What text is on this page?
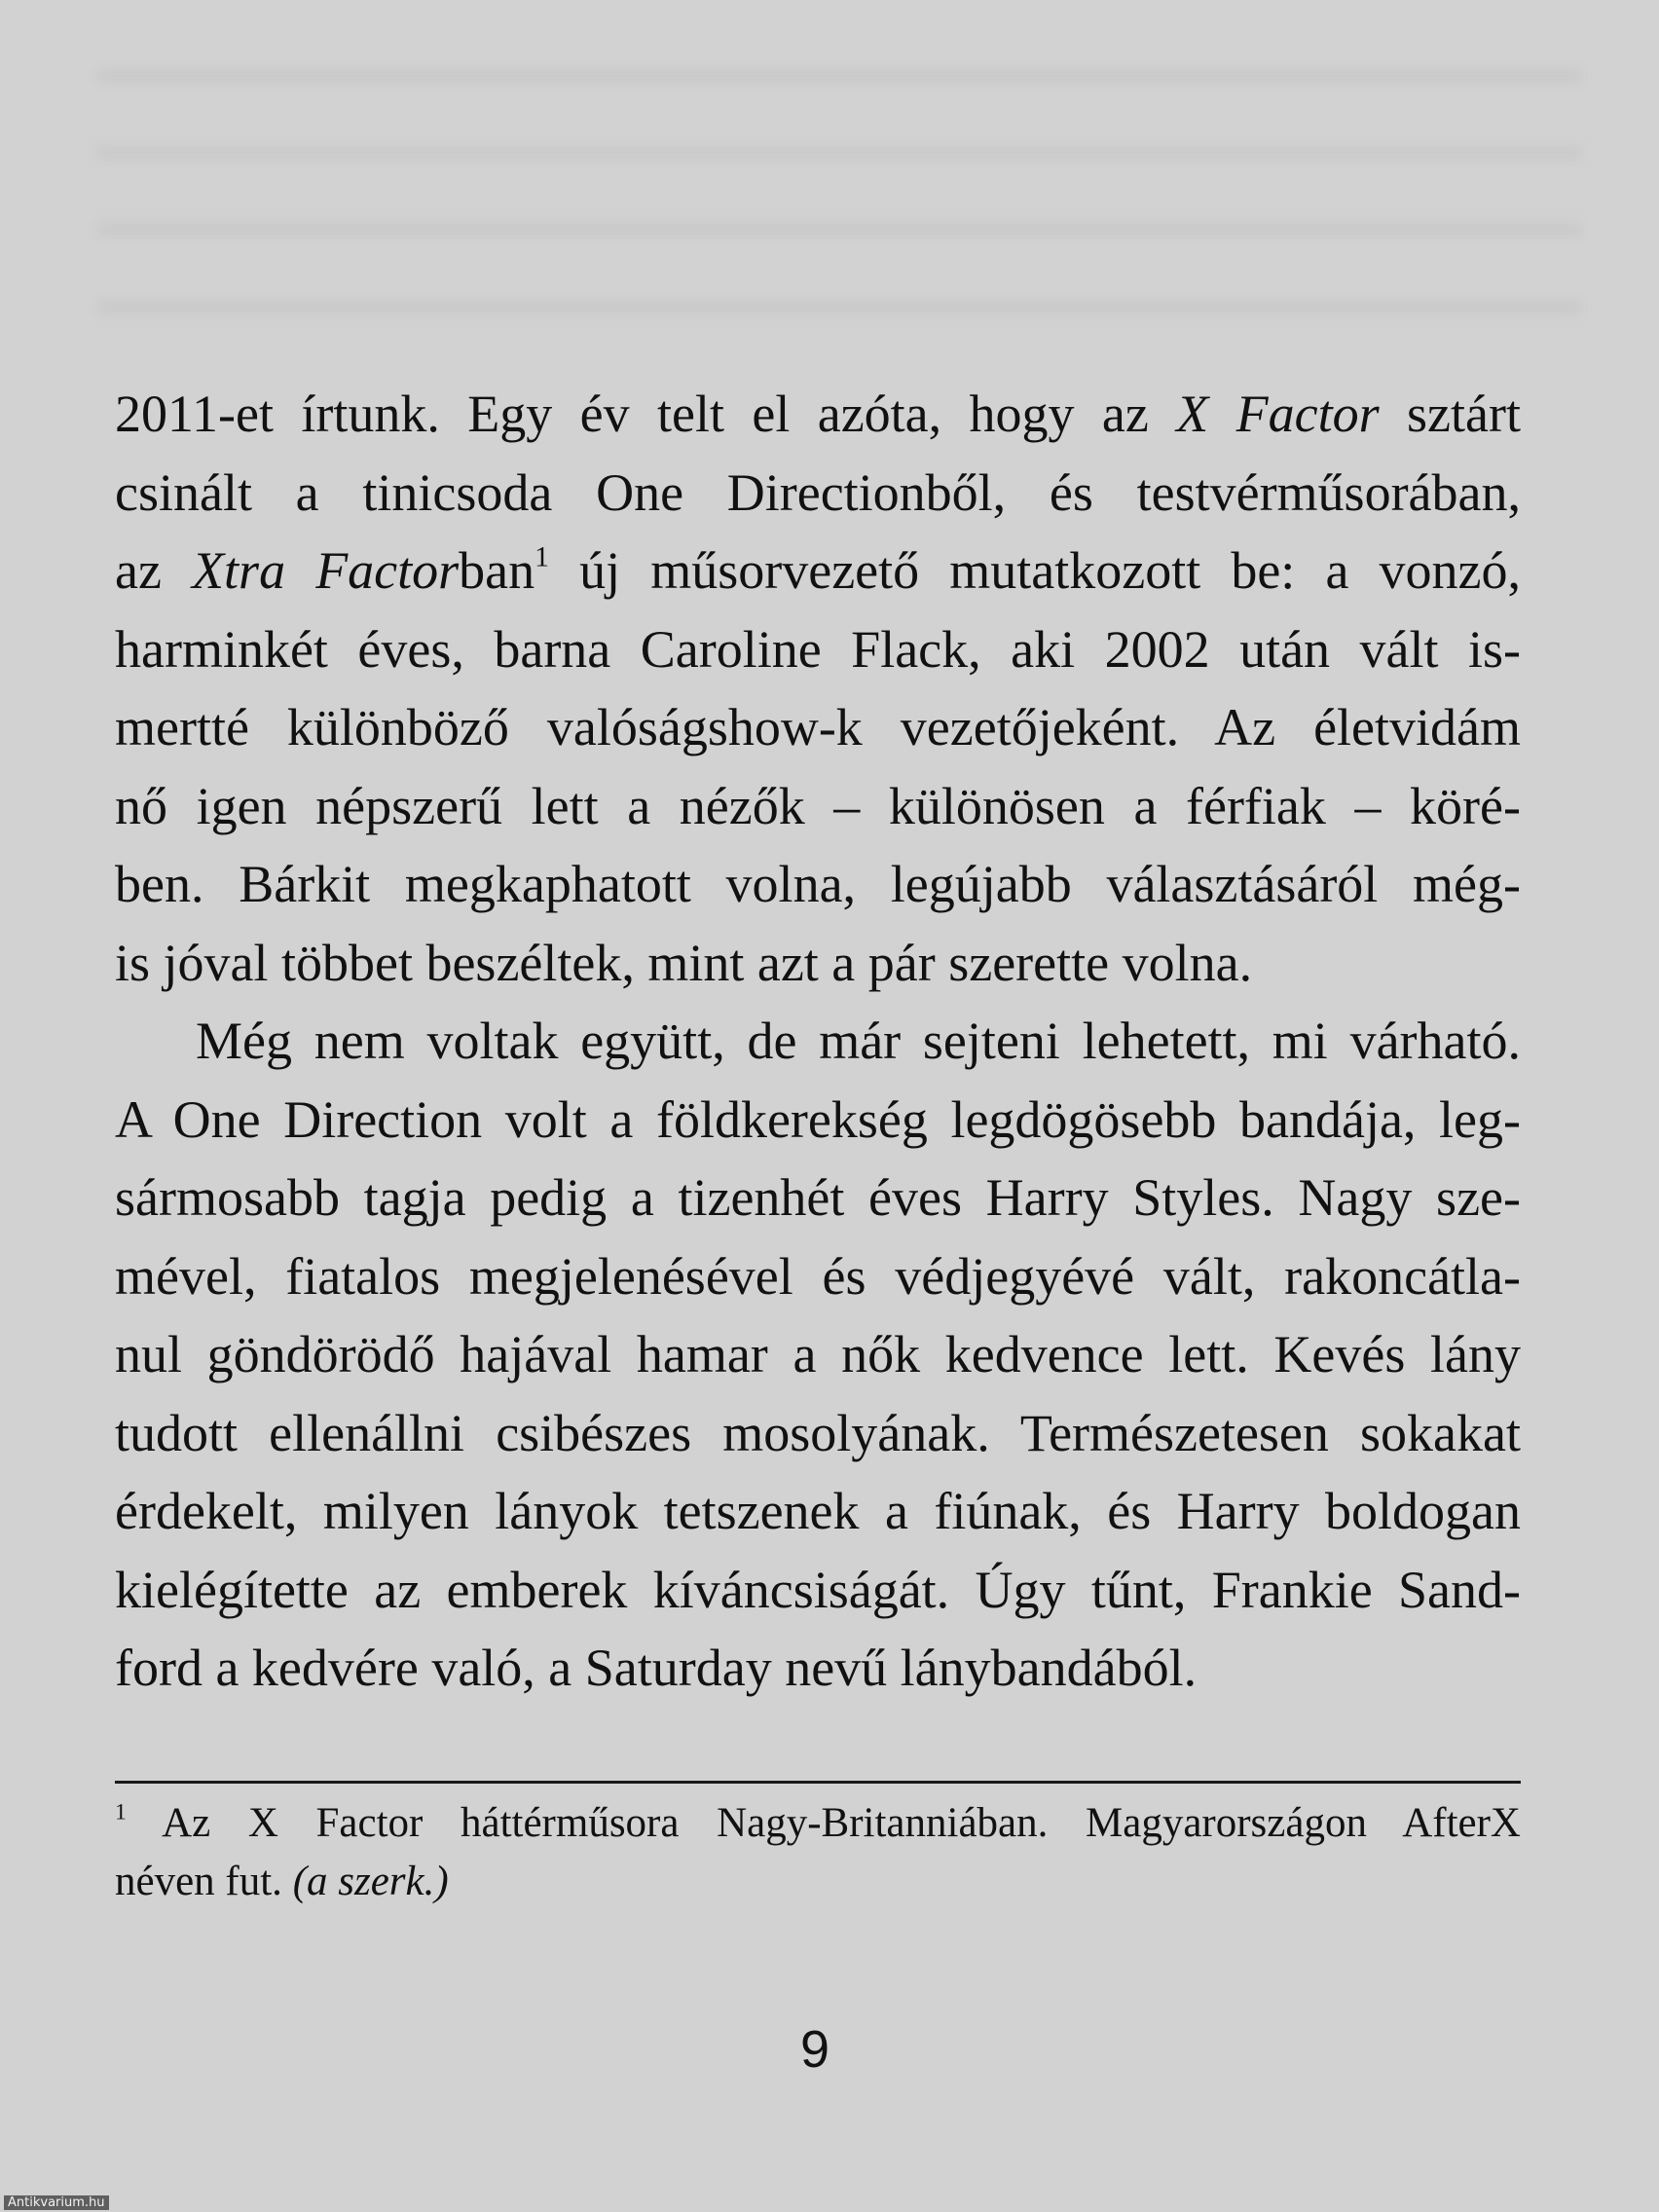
2011-et írtunk. Egy év telt el azóta, hogy az X Factor sztárt
csinált a tinicsoda One Directionből, és testvérműsorában,
az Xtra Factorban$^1$ új műsorvezető mutatkozott be: a vonzó,
harminkét éves, barna Caroline Flack, aki 2002 után vált is-
mertté különböző valóságshow-k vezetőjeként. Az életvidám
nő igen népszerű lett a nézők – különösen a férfiak – köré-
ben. Bárkit megkaphatott volna, legújabb választásáról még-
is jóval többet beszéltek, mint azt a pár szerette volna.
Még nem voltak együtt, de már sejteni lehetett, mi várható.
A One Direction volt a földkerekség legdögösebb bandája, leg-
sármosabb tagja pedig a tizenhét éves Harry Styles. Nagy sze-
mével, fiatalos megjelenésével és védjegyévé vált, rakoncátla-
nul göndörödő hajával hamar a nők kedvence lett. Kevés lány
tudott ellenállni csibészes mosolyának. Természetesen sokakat
érdekelt, milyen lányok tetszenek a fiúnak, és Harry boldogan
kielégítette az emberek kíváncsiságát. Úgy tűnt, Frankie Sand-
ford a kedvére való, a Saturday nevű lánybandából.
$^1$ Az X Factor háttérműsora Nagy-Britanniában. Magyarországon AfterX
néven fut. (a szerk.)
9
Antikvarium.hu
